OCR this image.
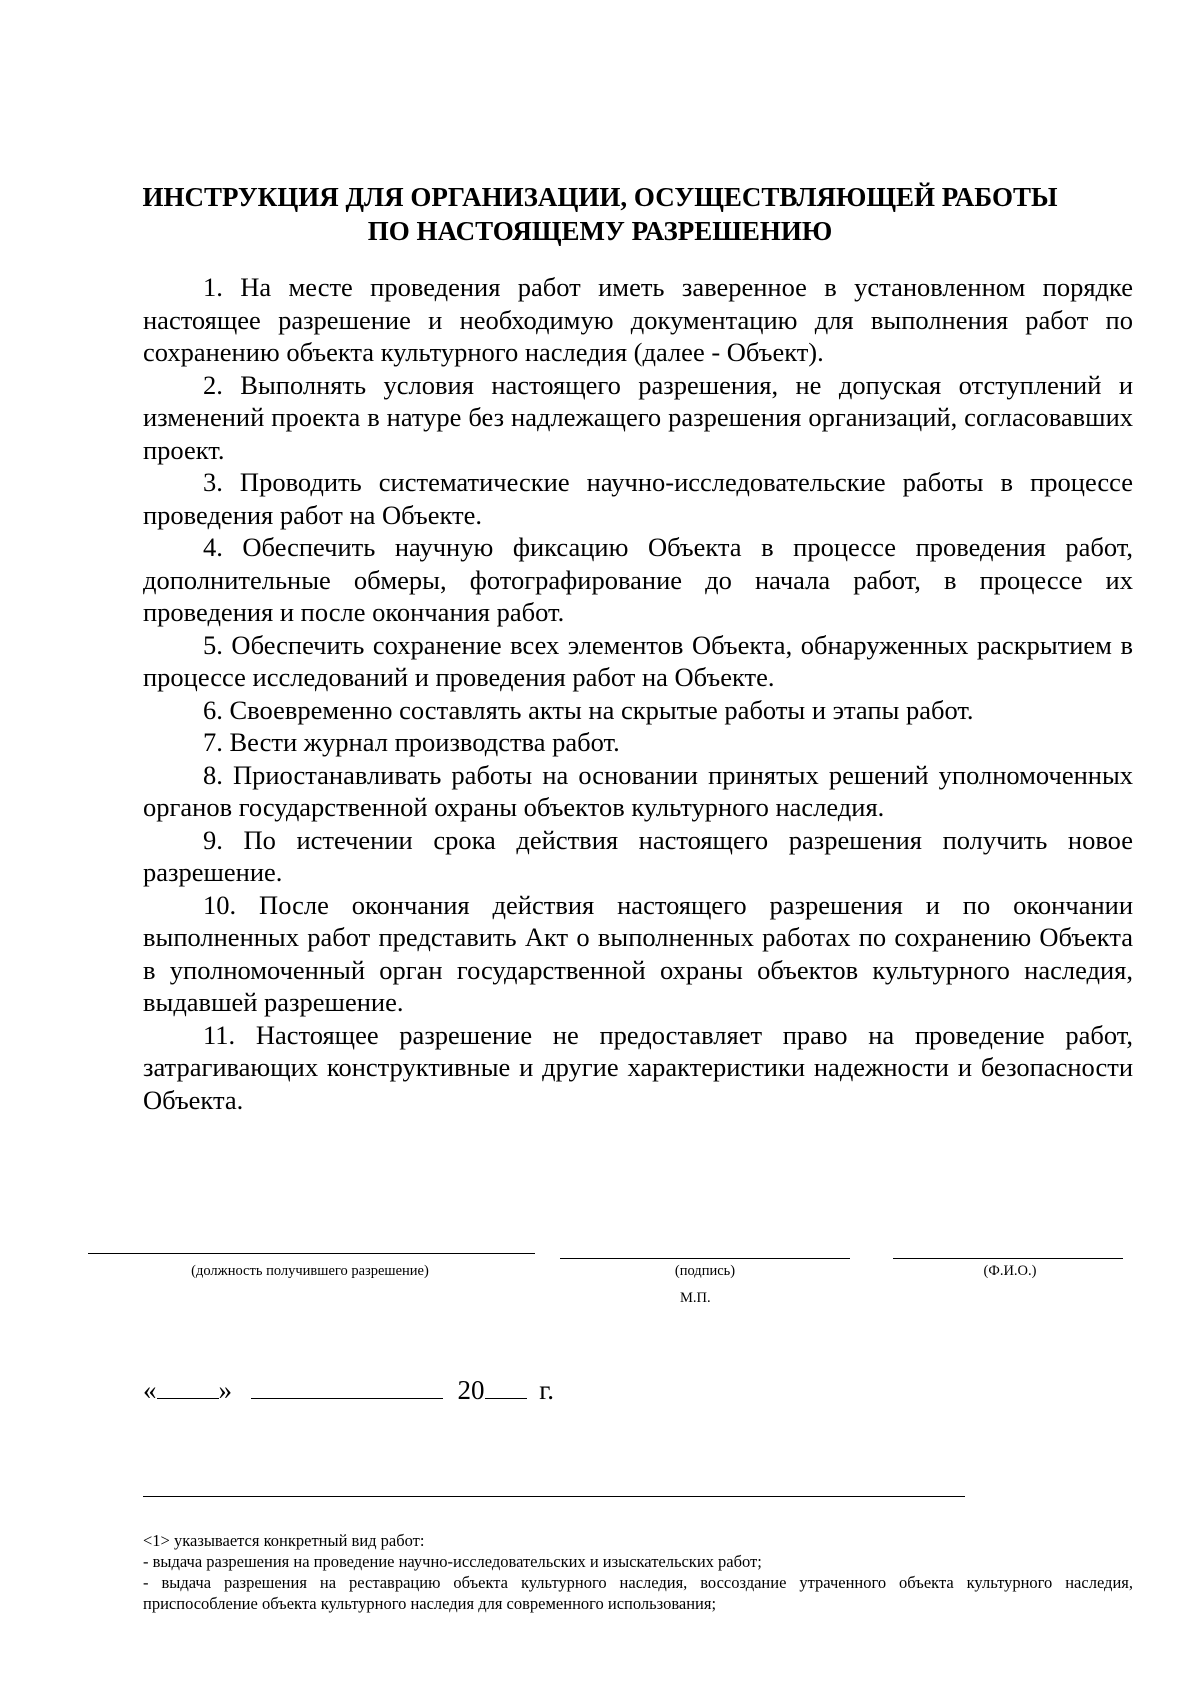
ИНСТРУКЦИЯ ДЛЯ ОРГАНИЗАЦИИ, ОСУЩЕСТВЛЯЮЩЕЙ РАБОТЫ
ПО НАСТОЯЩЕМУ РАЗРЕШЕНИЮ

1. На месте проведения работ иметь заверенное в установленном порядке настоящее разрешение и необходимую документацию для выполнения работ по сохранению объекта культурного наследия (далее - Объект).

2. Выполнять условия настоящего разрешения, не допуская отступлений и изменений проекта в натуре без надлежащего разрешения организаций, согласовавших проект.

3. Проводить систематические научно-исследовательские работы в процессе проведения работ на Объекте.

4. Обеспечить научную фиксацию Объекта в процессе проведения работ, дополнительные обмеры, фотографирование до начала работ, в процессе их проведения и после окончания работ.

5. Обеспечить сохранение всех элементов Объекта, обнаруженных раскрытием в процессе исследований и проведения работ на Объекте.

6. Своевременно составлять акты на скрытые работы и этапы работ.

7. Вести журнал производства работ.

8. Приостанавливать работы на основании принятых решений уполномоченных органов государственной охраны объектов культурного наследия.

9. По истечении срока действия настоящего разрешения получить новое разрешение.

10. После окончания действия настоящего разрешения и по окончании выполненных работ представить Акт о выполненных работах по сохранению Объекта в уполномоченный орган государственной охраны объектов культурного наследия, выдавшей разрешение.

11. Настоящее разрешение не предоставляет право на проведение работ, затрагивающих конструктивные и другие характеристики надежности и безопасности Объекта.

(должность получившего разрешение)	(подпись)	(Ф.И.О.)
М.П.
« »	20 г.

<1> указывается конкретный вид работ:

- выдача разрешения на проведение научно-исследовательских и изыскательских работ;

- выдача разрешения на реставрацию объекта культурного наследия, воссоздание утраченного объекта культурного наследия, приспособление объекта культурного наследия для современного использования;
